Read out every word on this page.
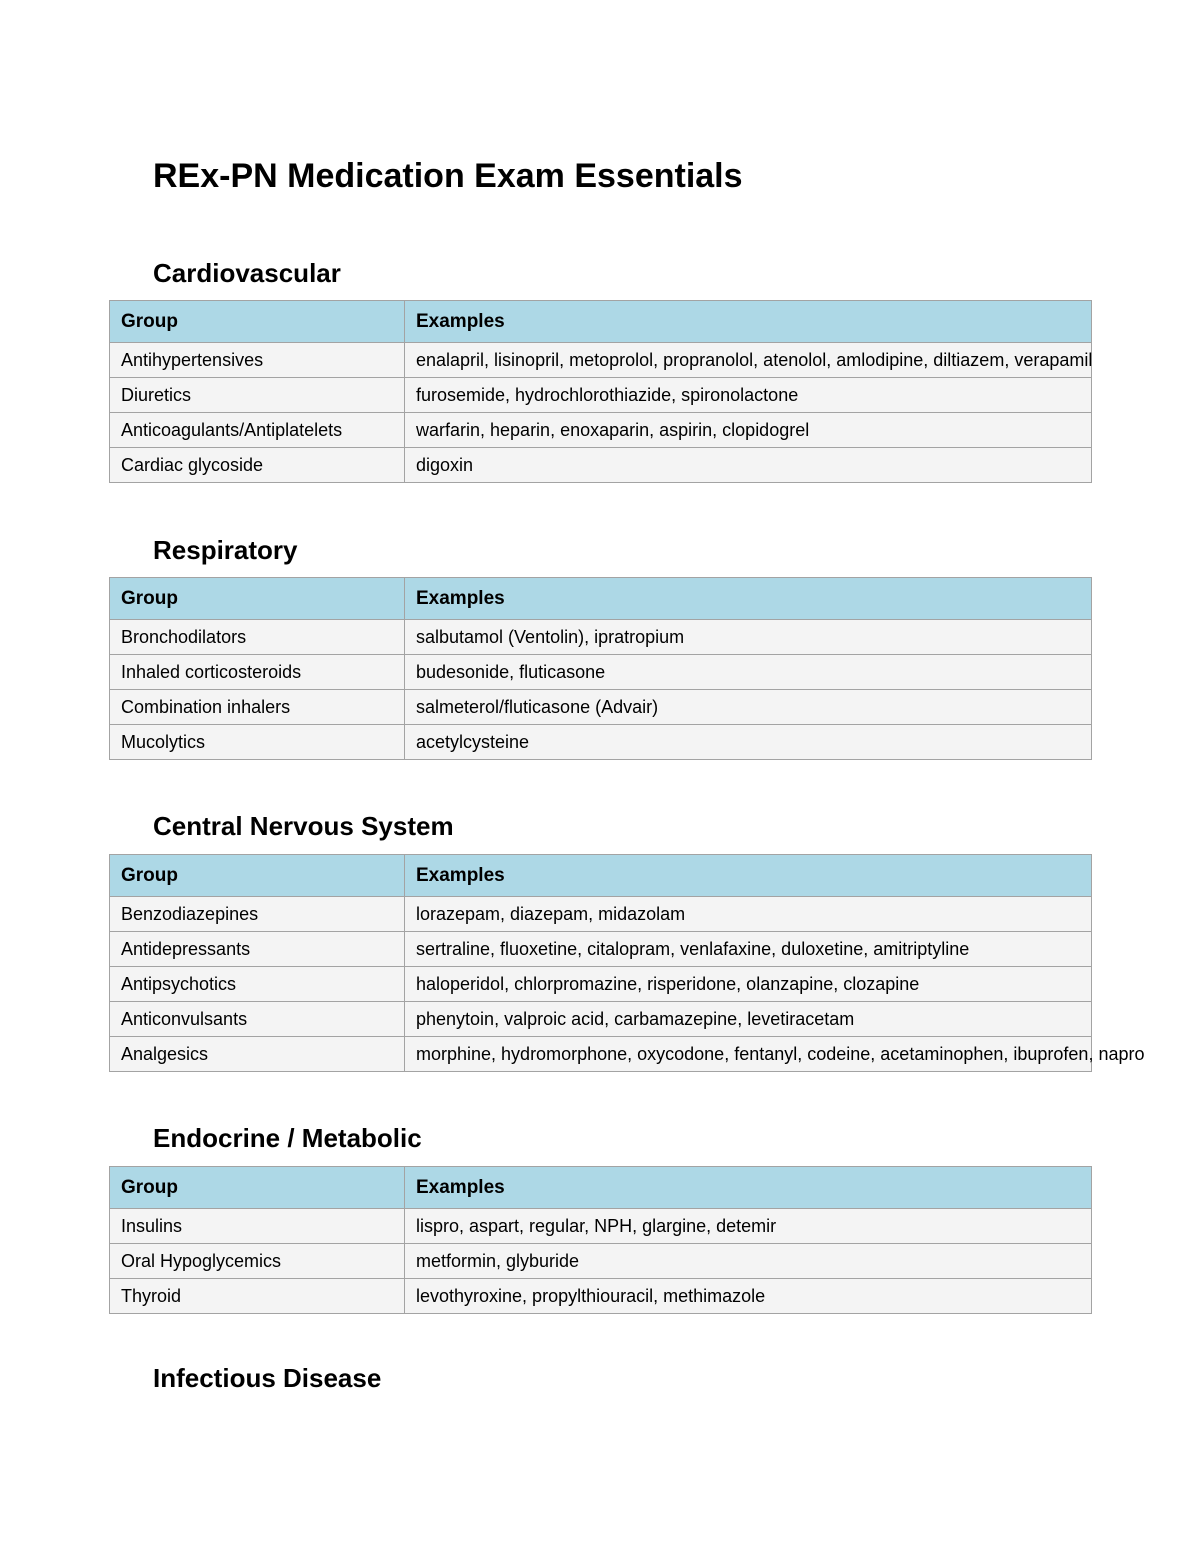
REx-PN Medication Exam Essentials
Cardiovascular
Group	Examples
Antihypertensives	enalapril, lisinopril, metoprolol, propranolol, atenolol, amlodipine, diltiazem, verapamil
Diuretics	furosemide, hydrochlorothiazide, spironolactone
Anticoagulants/Antiplatelets	warfarin, heparin, enoxaparin, aspirin, clopidogrel
Cardiac glycoside	digoxin
Respiratory
Group	Examples
Bronchodilators	salbutamol (Ventolin), ipratropium
Inhaled corticosteroids	budesonide, fluticasone
Combination inhalers	salmeterol/fluticasone (Advair)
Mucolytics	acetylcysteine
Central Nervous System
Group	Examples
Benzodiazepines	lorazepam, diazepam, midazolam
Antidepressants	sertraline, fluoxetine, citalopram, venlafaxine, duloxetine, amitriptyline
Antipsychotics	haloperidol, chlorpromazine, risperidone, olanzapine, clozapine
Anticonvulsants	phenytoin, valproic acid, carbamazepine, levetiracetam
Analgesics	morphine, hydromorphone, oxycodone, fentanyl, codeine, acetaminophen, ibuprofen, napro
Endocrine / Metabolic
Group	Examples
Insulins	lispro, aspart, regular, NPH, glargine, detemir
Oral Hypoglycemics	metformin, glyburide
Thyroid	levothyroxine, propylthiouracil, methimazole
Infectious Disease
